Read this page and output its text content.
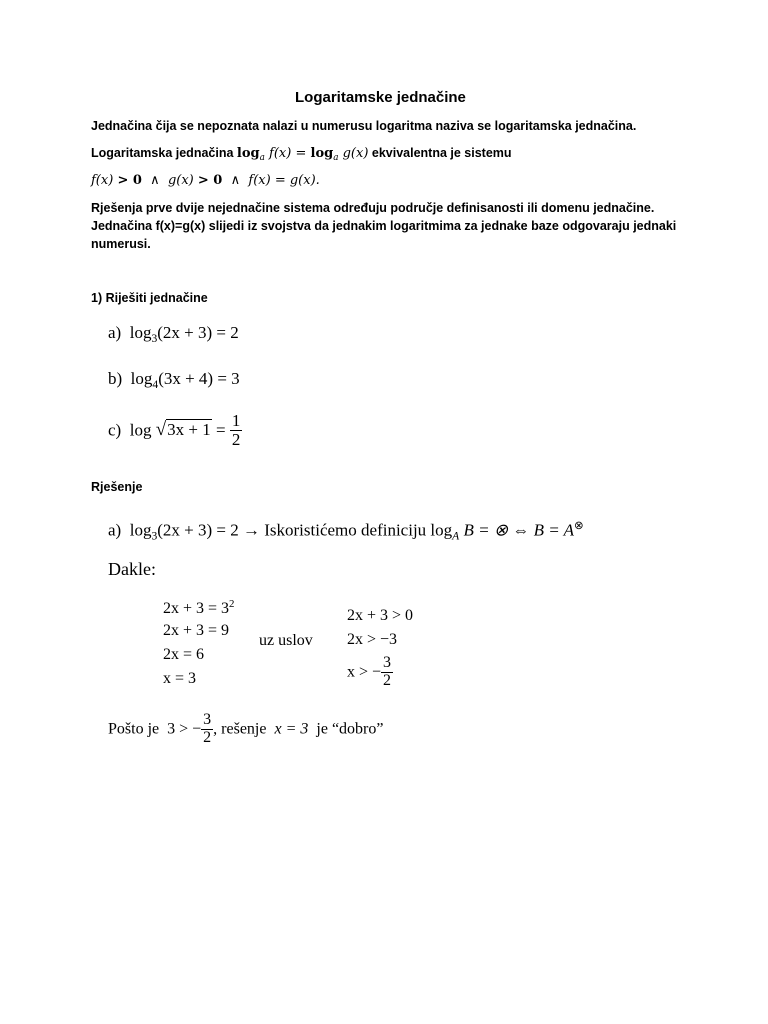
Logaritamske jednačine
Jednačina čija se nepoznata nalazi u numerusu logaritma naziva se logaritamska jednačina.
Logaritamska jednačina $\log_a f(x) = \log_a g(x)$ ekvivalentna je sistemu
f(x) > 0 ∧ g(x) > 0 ∧ f(x) = g(x).
Rješenja prve dvije nejednačine sistema određuju područje definisanosti ili domenu jednačine.
Jednačina f(x)=g(x) slijedi iz svojstva da jednakim logaritmima za jednake baze odgovaraju jednaki
numerusi.
1) Riješiti jednačine
a) $\log_3(2x + 3) = 2$
b) $\log_4(3x + 4) = 3$
c) $\log √3x + 1 = \frac{1}{2}$
Rješenje
a) $\log_3(2x + 3) = 2$ → Iskoristićemo definiciju $\log_A B$ = ⊗ ⇔ B = A⊗
Dakle:
$2x + 3 = 3^2$
2x + 3 = 9
2x = 6
x = 3
uz uslov
2x + 3 > 0
2x > −3
x > − $\frac{3}{2}$
Pošto je 3 > − $\frac{3}{2}$ , rešenje x = 3 je “dobro”
